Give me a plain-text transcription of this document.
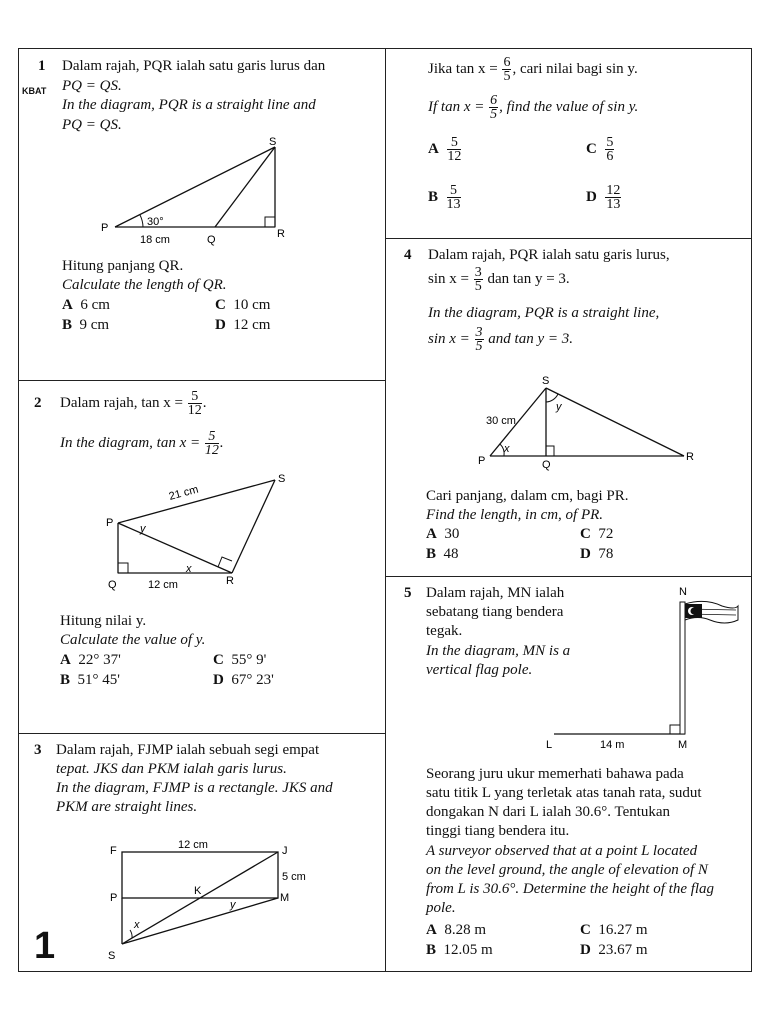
1
KBAT
Dalam rajah, PQR ialah satu garis lurus dan
PQ = QS.
In the diagram, PQR is a straight line and
PQ = QS.
S
P
Q	R
30°
18 cm
Hitung panjang QR.
Calculate the length of QR.
A 6 cm	C 10 cm
B 9 cm	D 12 cm
2 Dalam rajah, $\tan x = \frac{5}{12}$ .
In the diagram, $\tan x = \frac{5}{12}$ .
S
P
Q	R
x
y
21 cm
12 cm
Hitung nilai y.
Calculate the value of y.
A 22° 37'	C 55° 9'
B 51° 45'	D 67° 23'
3 Dalam rajah, FJMP ialah sebuah segi empat
tepat. JKS dan PKM ialah garis lurus.
In the diagram, FJMP is a rectangle. JKS and
PKM are straight lines.
F	J
P
K
M
S
x
y
12 cm
5 cm
1
Jika $\tan x = \frac{6}{5}$ , cari nilai bagi sin y.
If $\tan x = \frac{6}{5}$ , find the value of sin y.
A $\frac{5}{12}$	C $\frac{5}{6}$
B $\frac{5}{13}$	D $\frac{12}{13}$
4 Dalam rajah, PQR ialah satu garis lurus,
$\sin x = \frac{3}{5}$ dan tan y = 3.
In the diagram, PQR is a straight line,
$\sin x = \frac{3}{5}$ and tan y = 3.
S
P	Q
R
x
y
30 cm
Cari panjang, dalam cm, bagi PR.
Find the length, in cm, of PR.
A 30	C 72
B 48	D 78
5 Dalam rajah, MN ialah
sebatang tiang bendera
tegak.
In the diagram, MN is a
vertical flag pole.
N
L	M
14 m
Seorang juru ukur memerhati bahawa pada
satu titik L yang terletak atas tanah rata, sudut
dongakan N dari L ialah 30.6°. Tentukan
tinggi tiang bendera itu.
A surveyor observed that at a point L located
on the level ground, the angle of elevation of N
from L is 30.6°. Determine the height of the flag
pole.
A 8.28 m	C 16.27 m
B 12.05 m	D 23.67 m
